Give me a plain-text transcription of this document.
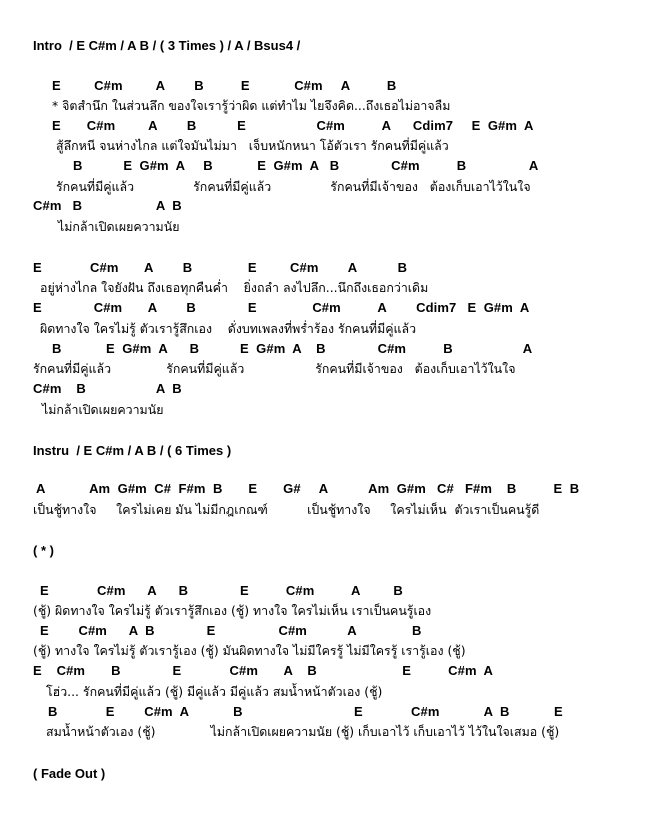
Intro  / E C#m / A B / ( 3 Times ) / A / Bsus4 /
E         C#m         A        B          E            C#m     A          B
* จิตสำนึก ในส่วนลึก ของใจเรารู้ว่าผิด แต่ทำไม ไยจึงคิด...ถึงเธอไม่อาจลืม
E       C#m         A        B           E                   C#m          A      Cdim7     E  G#m  A
สู้ลึกหนี จนห่างไกล แต่ใจมันไม่มา   เจ็บหนักหนา โอ้ตัวเรา รักคนที่มีคู่แล้ว
B           E  G#m  A     B            E  G#m  A   B              C#m          B                 A
รักคนที่มีคู่แล้ว               รักคนที่มีคู่แล้ว               รักคนที่มีเจ้าของ   ต้องเก็บเอาไว้ในใจ
C#m   B                    A  B
ไม่กล้าเปิดเผยความนัย
E             C#m       A        B               E         C#m        A           B
อยู่ห่างไกล ใจยังฝัน ถึงเธอทุกคืนค่ำ    ยิ่งถลำ ลงไปลึก...นึกถึงเธอกว่าเดิม
E              C#m       A        B              E               C#m          A        Cdim7   E  G#m  A
ผิดทางใจ ใครไม่รู้ ตัวเรารู้สึกเอง    ดั่งบทเพลงที่พร่ำร้อง รักคนที่มีคู่แล้ว
B            E  G#m  A      B           E  G#m  A    B              C#m          B                   A
รักคนที่มีคู่แล้ว              รักคนที่มีคู่แล้ว                  รักคนที่มีเจ้าของ   ต้องเก็บเอาไว้ในใจ
C#m    B                   A  B
ไม่กล้าเปิดเผยความนัย
Instru  / E C#m / A B / ( 6 Times )
A            Am  G#m  C#  F#m  B       E       G#     A           Am  G#m   C#   F#m    B          E  B
เป็นชู้ทางใจ     ใครไม่เคย มัน ไม่มีกฎเกณฑ์          เป็นชู้ทางใจ     ใครไม่เห็น  ตัวเราเป็นคนรู้ดี
( * )
E             C#m      A      B              E          C#m          A         B
(ชู้) ผิดทางใจ ใครไม่รู้ ตัวเรารู้สึกเอง (ชู้) ทางใจ ใครไม่เห็น เราเป็นคนรู้เอง
E        C#m      A  B              E                 C#m           A               B
(ชู้) ทางใจ ใครไม่รู้ ตัวเรารู้เอง (ชู้) มันผิดทางใจ ไม่มีใครรู้ ไม่มีใครรู้ เรารู้เอง (ชู้)
E    C#m       B              E             C#m       A    B                       E          C#m  A
โฮ่ว... รักคนที่มีคู่แล้ว (ชู้) มีคู่แล้ว มีคู่แล้ว สมน้ำหน้าตัวเอง (ชู้)
B             E        C#m  A            B                              E             C#m            A  B            E
สมน้ำหน้าตัวเอง (ชู้)              ไม่กล้าเปิดเผยความนัย (ชู้) เก็บเอาไว้ เก็บเอาไว้ ไว้ในใจเสมอ (ชู้)
( Fade Out )
